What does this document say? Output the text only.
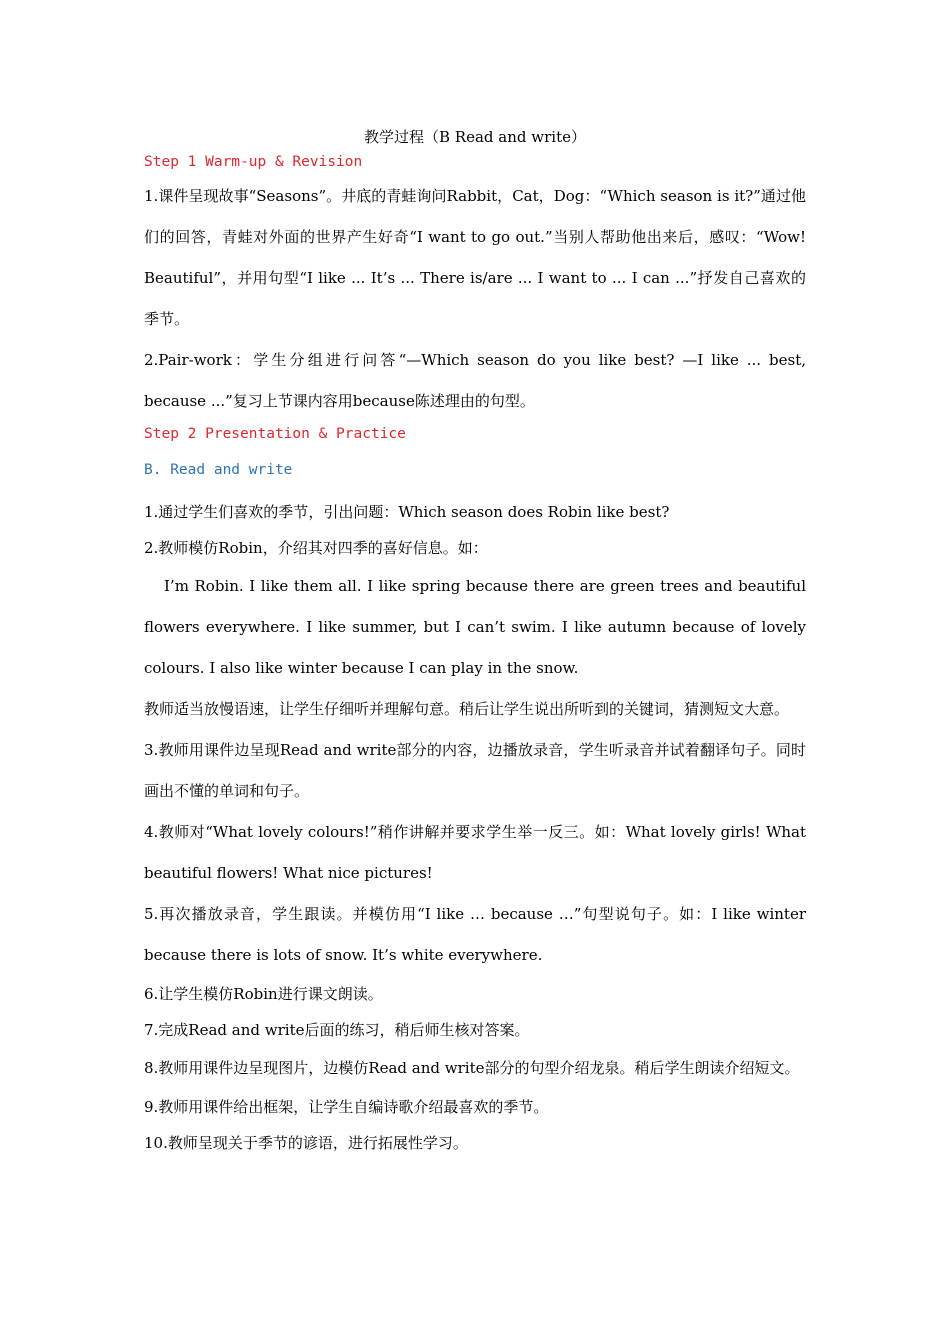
教学过程（B Read and write）
Step 1 Warm-up & Revision
1.课件呈现故事“Seasons”。井底的青蛙询问Rabbit，Cat，Dog：“Which season is it?”通过他们的回答，青蛙对外面的世界产生好奇“I want to go out.”当别人帮助他出来后，感叹：“Wow! Beautiful”，并用句型“I like ... It’s ... There is/are ... I want to ... I can ...”抒发自己喜欢的季节。
2.Pair-work：学生分组进行问答“—Which season do you like best? —I like ... best, because ...”复习上节课内容用because陈述理由的句型。
Step 2 Presentation & Practice
B. Read and write
1.通过学生们喜欢的季节，引出问题：Which season does Robin like best?
2.教师模仿Robin，介绍其对四季的喜好信息。如：
I’m Robin. I like them all. I like spring because there are green trees and beautiful flowers everywhere. I like summer, but I can’t swim. I like autumn because of lovely colours. I also like winter because I can play in the snow.
教师适当放慢语速，让学生仔细听并理解句意。稍后让学生说出所听到的关键词，猜测短文大意。
3.教师用课件边呈现Read and write部分的内容，边播放录音，学生听录音并试着翻译句子。同时画出不懂的单词和句子。
4.教师对“What lovely colours!”稍作讲解并要求学生举一反三。如：What lovely girls! What beautiful flowers! What nice pictures!
5.再次播放录音，学生跟读。并模仿用“I like … because …”句型说句子。如：I like winter because there is lots of snow. It’s white everywhere.
6.让学生模仿Robin进行课文朗读。
7.完成Read and write后面的练习，稍后师生核对答案。
8.教师用课件边呈现图片，边模仿Read and write部分的句型介绍龙泉。稍后学生朗读介绍短文。
9.教师用课件给出框架，让学生自编诗歌介绍最喜欢的季节。
10.教师呈现关于季节的谚语，进行拓展性学习。
